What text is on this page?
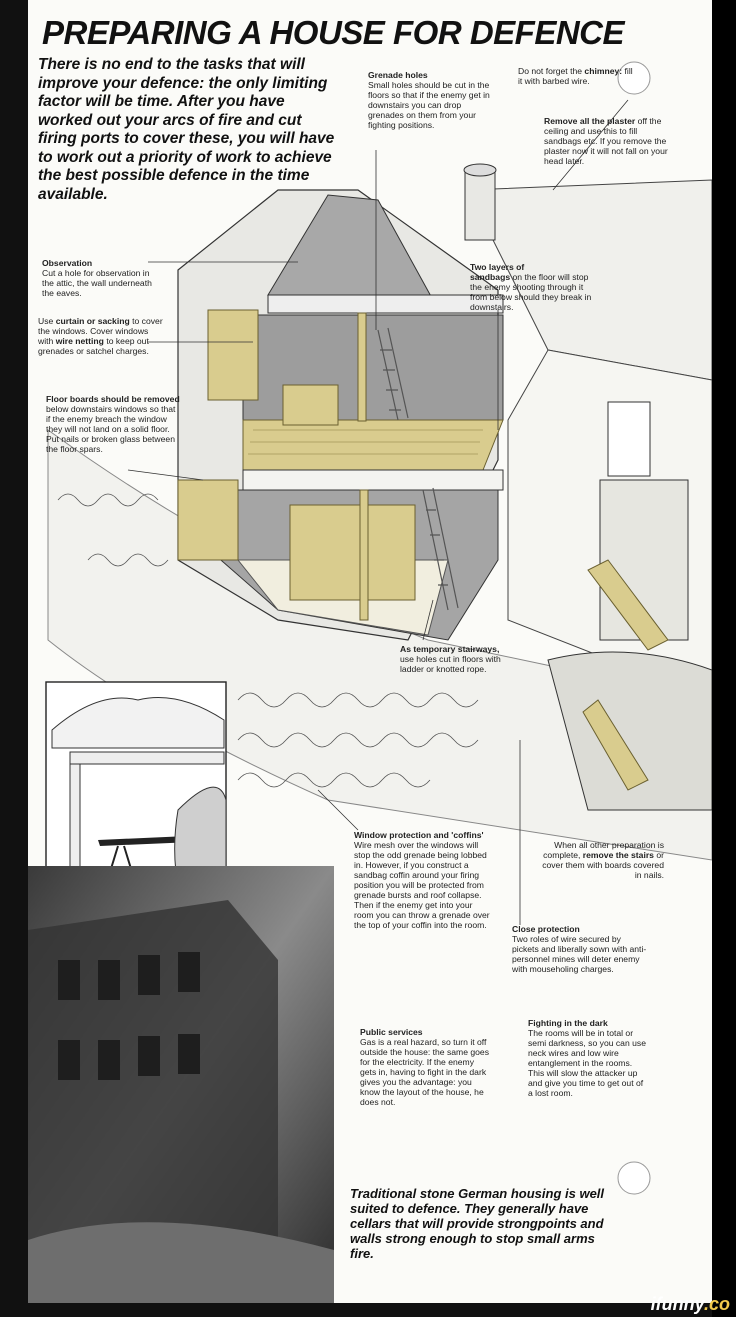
PREPARING A HOUSE FOR DEFENCE
There is no end to the tasks that will improve your defence: the only limiting factor will be time. After you have worked out your arcs of fire and cut firing ports to cover these, you will have to work out a priority of work to achieve the best possible defence in the time available.
Grenade holes
Small holes should be cut in the floors so that if the enemy get in downstairs you can drop grenades on them from your fighting positions.
Do not forget the chimney: fill it with barbed wire.
Remove all the plaster off the ceiling and use this to fill sandbags etc. If you remove the plaster now it will not fall on your head later.
Observation
Cut a hole for observation in the attic, the wall underneath the eaves.
Two layers of
sandbags on the floor will stop the enemy shooting through it from below should they break in downstairs.
Use curtain or sacking to cover the windows. Cover windows with wire netting to keep out grenades or satchel charges.
Floor boards should be removed
below downstairs windows so that if the enemy breach the window they will not land on a solid floor. Put nails or broken glass between the floor spars.
As temporary stairways, use holes cut in floors with ladder or knotted rope.
Window protection and 'coffins'
Wire mesh over the windows will stop the odd grenade being lobbed in. However, if you construct a sandbag coffin around your firing position you will be protected from grenade bursts and roof collapse. Then if the enemy get into your room you can throw a grenade over the top of your coffin into the room.
When all other preparation is complete, remove the stairs or cover them with boards covered in nails.
Close protection
Two roles of wire secured by pickets and liberally sown with anti-personnel mines will deter enemy with mouseholing charges.
Fighting in the dark
The rooms will be in total or semi darkness, so you can use neck wires and low wire entanglement in the rooms. This will slow the attacker up and give you time to get out of a lost room.
Public services
Gas is a real hazard, so turn it off outside the house: the same goes for the electricity. If the enemy gets in, having to fight in the dark gives you the advantage: you know the layout of the house, he does not.
Traditional stone German housing is well suited to defence. They generally have cellars that will provide strongpoints and walls strong enough to stop small arms fire.
ifunny.co
